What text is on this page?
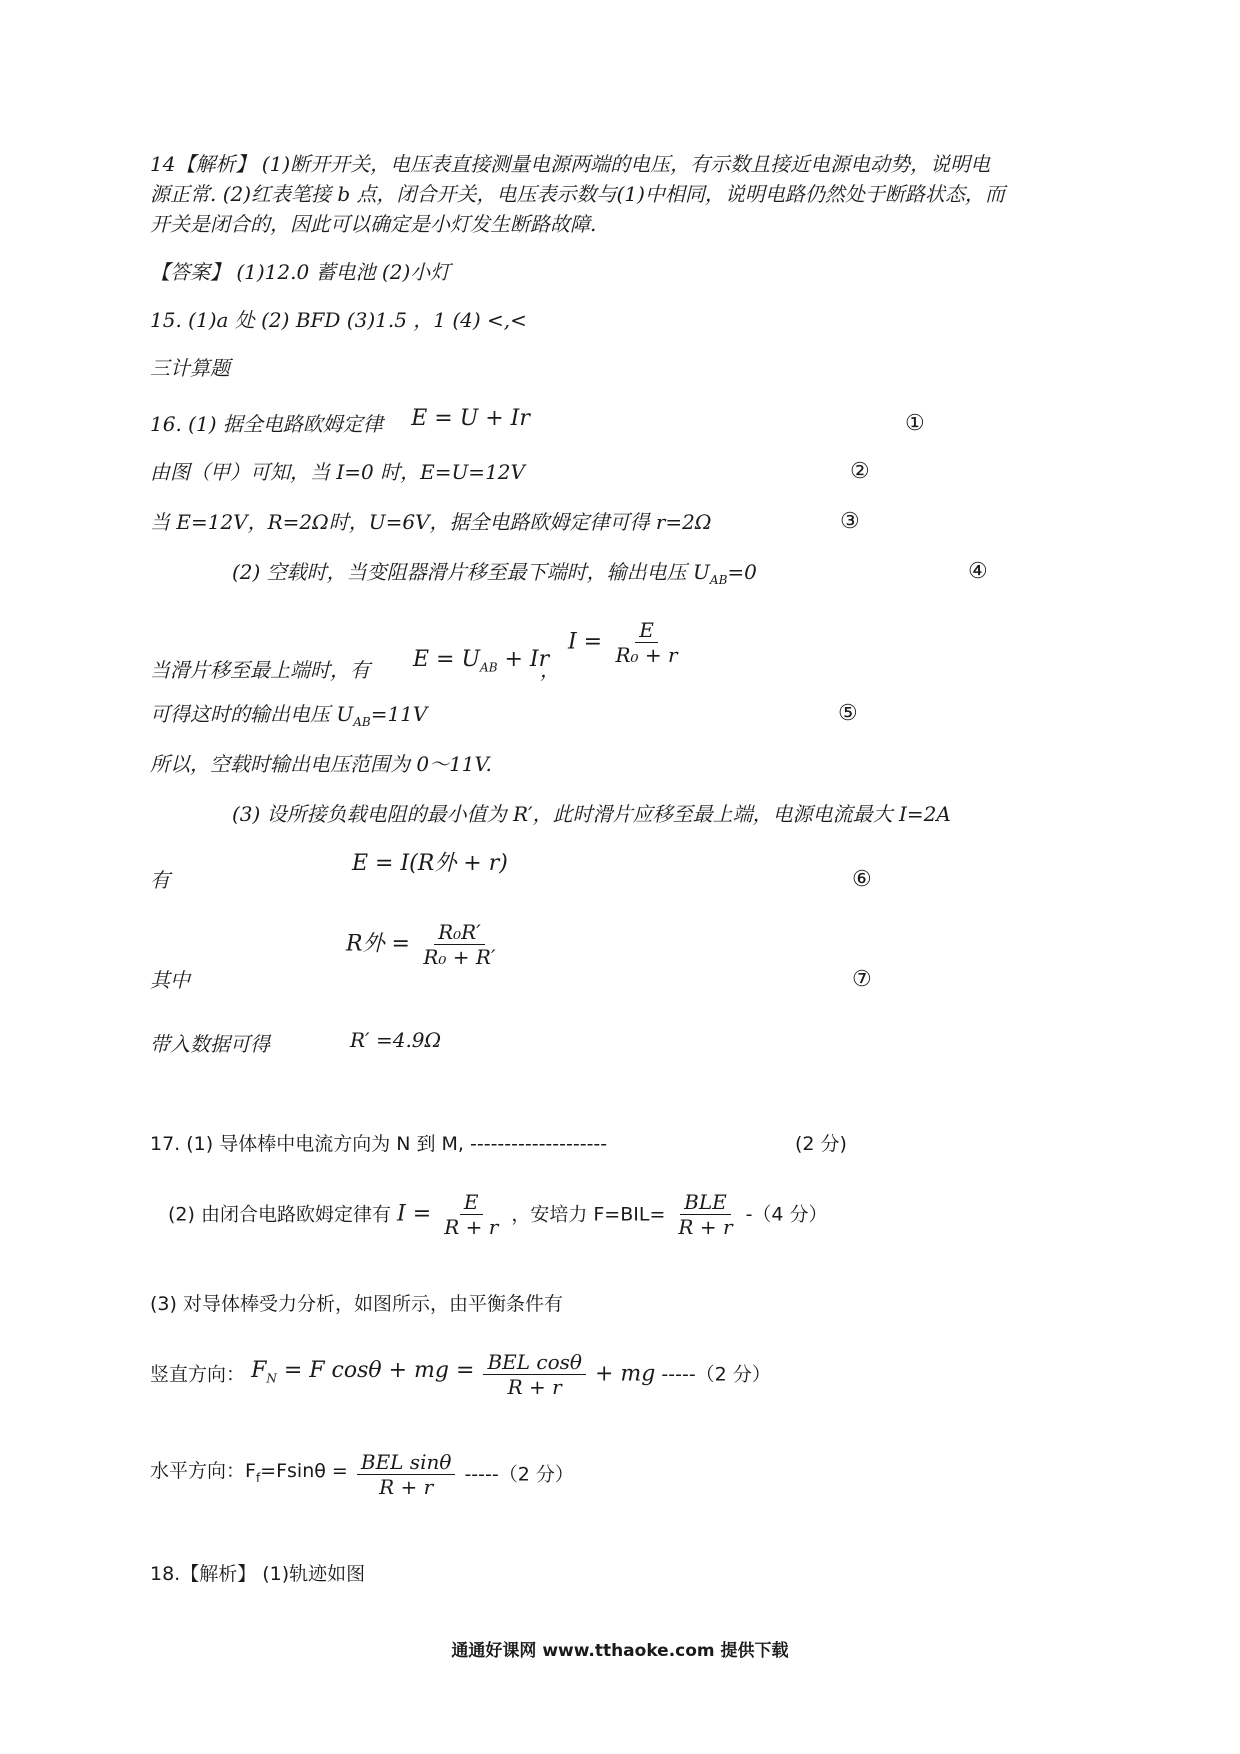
14【解析】 (1)断开开关，电压表直接测量电源两端的电压，有示数且接近电源电动势，说明电
源正常. (2)红表笔接 b 点，闭合开关，电压表示数与(1)中相同，说明电路仍然处于断路状态，而
开关是闭合的，因此可以确定是小灯发生断路故障.
【答案】 (1)12.0 蓄电池 (2)小灯
15. (1)a 处 (2) BFD (3)1.5 ，1 (4) <,<
三计算题
16. (1) 据全电路欧姆定律 E = U + Ir	①
由图（甲）可知，当 I=0 时，E=U=12V	②
当 E=12V，R=2Ω时，U=6V，据全电路欧姆定律可得 r=2Ω	③
(2) 空载时，当变阻器滑片移至最下端时，输出电压 $U_{AB}=0$	④
当滑片移至最上端时，有 $E = U_{AB} + Ir$
，
$I = \frac{E}{\text{R₀ + r}}$
可得这时的输出电压 $U_{AB}=11V$	⑤
所以，空载时输出电压范围为 0～11V.
(3) 设所接负载电阻的最小值为 R′，此时滑片应移至最上端，电源电流最大 I=2A
有
E = I(R外 + r)
⑥
R外 = $\frac{\text{R₀R′}}{\text{R₀ + R′}}$
其中	⑦
带入数据可得	R′ =4.9Ω
17. (1) 导体棒中电流方向为 N 到 M, --------------------	(2 分)
(2) 由闭合电路欧姆定律有 $I = \frac{E}{R + r}$ ，安培力 $F=BIL= \frac{\text{BLE}}{R + r} -(4$ 分）
(3) 对导体棒受力分析，如图所示，由平衡条件有
竖直方向： $F_N = F$ cosθ + mg = $\frac{\text{BEL cosθ}}{R + r}$ + mg -----（2 分）
水平方向：$F_f=Fsin\theta = \frac{\text{BEL sinθ}}{R + r} -----(2$ 分）
18.【解析】 (1)轨迹如图
通通好课网 www.tthaoke.com 提供下载
